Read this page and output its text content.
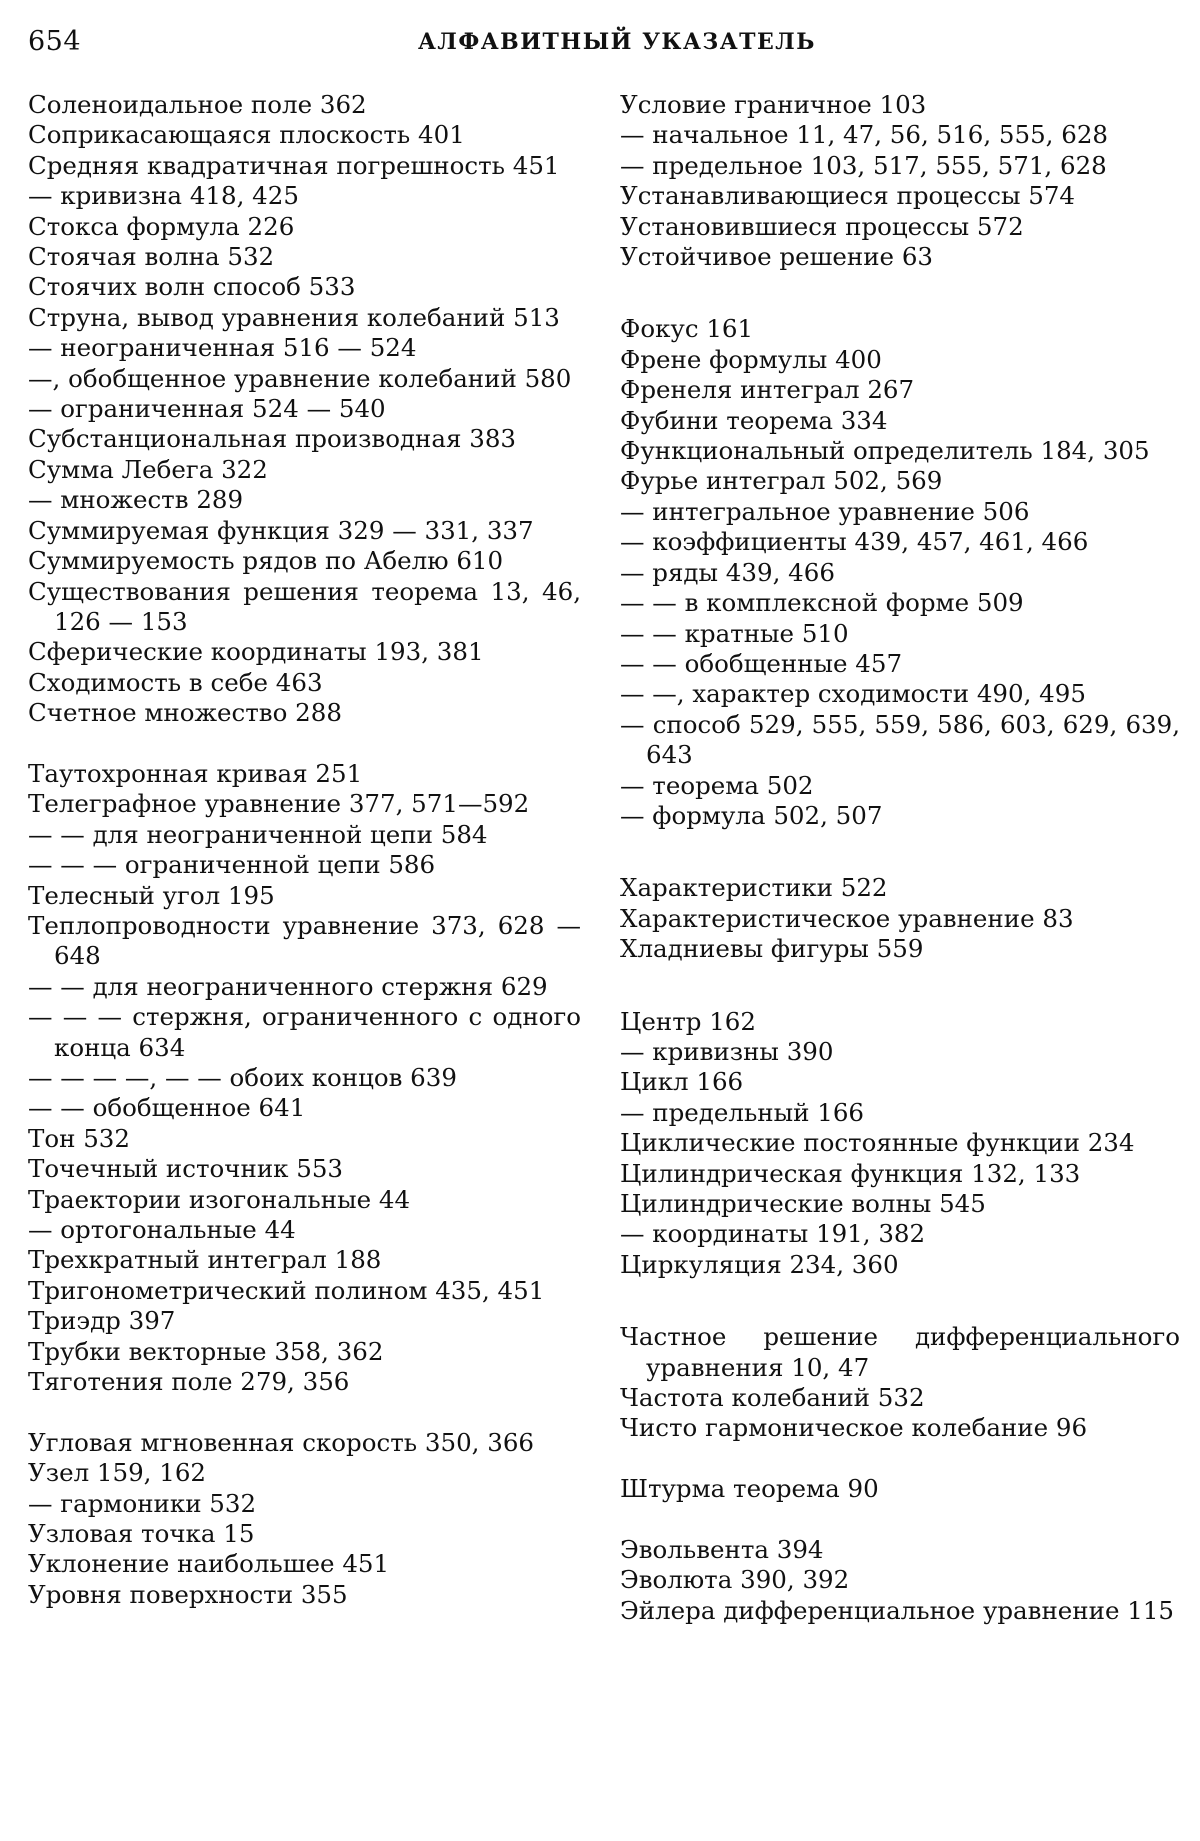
654	АЛФАВИТНЫЙ УКАЗАТЕЛЬ

Соленоидальное поле 362

Соприкасающаяся плоскость 401

Средняя квадратичная погрешность 451

— кривизна 418, 425

Стокса формула 226

Стоячая волна 532

Стоячих волн способ 533

Струна, вывод уравнения колебаний 513

— неограниченная 516 — 524

—, обобщенное уравнение колебаний 580

— ограниченная 524 — 540

Субстанциональная производная 383

Сумма Лебега 322

— множеств 289

Суммируемая функция 329 — 331, 337

Суммируемость рядов по Абелю 610

Существования решения теорема 13, 46, 126 — 153

Сферические координаты 193, 381

Сходимость в себе 463

Счетное множество 288

Таутохронная кривая 251

Телеграфное уравнение 377, 571—592

— — для неограниченной цепи 584

— — — ограниченной цепи 586

Телесный угол 195

Теплопроводности уравнение 373, 628 — 648

— — для неограниченного стержня 629

— — — стержня, ограниченного с одного конца 634

— — — —, — — обоих концов 639

— — обобщенное 641

Тон 532

Точечный источник 553

Траектории изогональные 44

— ортогональные 44

Трехкратный интеграл 188

Тригонометрический полином 435, 451

Триэдр 397

Трубки векторные 358, 362

Тяготения поле 279, 356

Угловая мгновенная скорость 350, 366

Узел 159, 162

— гармоники 532

Узловая точка 15

Уклонение наибольшее 451

Уровня поверхности 355

Условие граничное 103

— начальное 11, 47, 56, 516, 555, 628

— предельное 103, 517, 555, 571, 628

Устанавливающиеся процессы 574

Установившиеся процессы 572

Устойчивое решение 63

Фокус 161

Френе формулы 400

Френеля интеграл 267

Фубини теорема 334

Функциональный определитель 184, 305

Фурье интеграл 502, 569

— интегральное уравнение 506

— коэффициенты 439, 457, 461, 466

— ряды 439, 466

— — в комплексной форме 509

— — кратные 510

— — обобщенные 457

— —, характер сходимости 490, 495

— способ 529, 555, 559, 586, 603, 629, 639, 643

— теорема 502

— формула 502, 507

Характеристики 522

Характеристическое уравнение 83

Хладниевы фигуры 559

Центр 162

— кривизны 390

Цикл 166

— предельный 166

Циклические постоянные функции 234

Цилиндрическая функция 132, 133

Цилиндрические волны 545

— координаты 191, 382

Циркуляция 234, 360

Частное решение дифференциального уравнения 10, 47

Частота колебаний 532

Чисто гармоническое колебание 96

Штурма теорема 90

Эвольвента 394

Эволюта 390, 392

Эйлера дифференциальное уравнение 115
